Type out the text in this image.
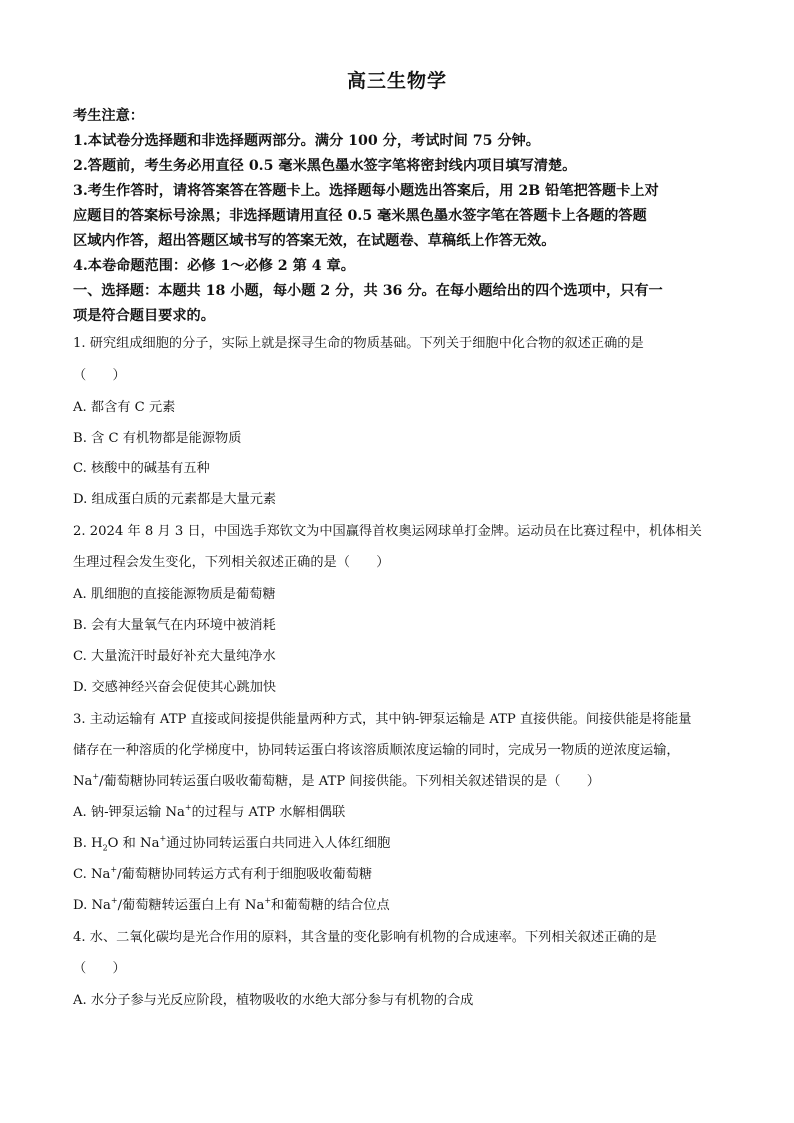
高三生物学
考生注意：
1.本试卷分选择题和非选择题两部分。满分 100 分，考试时间 75 分钟。
2.答题前，考生务必用直径 0.5 毫米黑色墨水签字笔将密封线内项目填写清楚。
3.考生作答时，请将答案答在答题卡上。选择题每小题选出答案后，用 2B 铅笔把答题卡上对
应题目的答案标号涂黑；非选择题请用直径 0.5 毫米黑色墨水签字笔在答题卡上各题的答题
区域内作答，超出答题区域书写的答案无效，在试题卷、草稿纸上作答无效。
4.本卷命题范围：必修 1～必修 2 第 4 章。
一、选择题：本题共 18 小题，每小题 2 分，共 36 分。在每小题给出的四个选项中，只有一
项是符合题目要求的。
1. 研究组成细胞的分子，实际上就是探寻生命的物质基础。下列关于细胞中化合物的叙述正确的是
（　　）
A. 都含有 C 元素
B. 含 C 有机物都是能源物质
C. 核酸中的碱基有五种
D. 组成蛋白质的元素都是大量元素
2. 2024 年 8 月 3 日，中国选手郑钦文为中国赢得首枚奥运网球单打金牌。运动员在比赛过程中，机体相关
生理过程会发生变化，下列相关叙述正确的是（　　）
A. 肌细胞的直接能源物质是葡萄糖
B. 会有大量氧气在内环境中被消耗
C. 大量流汗时最好补充大量纯净水
D. 交感神经兴奋会促使其心跳加快
3. 主动运输有 ATP 直接或间接提供能量两种方式，其中钠-钾泵运输是 ATP 直接供能。间接供能是将能量
储存在一种溶质的化学梯度中，协同转运蛋白将该溶质顺浓度运输的同时，完成另一物质的逆浓度运输，
Na+/葡萄糖协同转运蛋白吸收葡萄糖，是 ATP 间接供能。下列相关叙述错误的是（　　）
A. 钠-钾泵运输 Na+的过程与 ATP 水解相偶联
B. $H_2O$ 和 Na+通过协同转运蛋白共同进入人体红细胞
C. Na+/葡萄糖协同转运方式有利于细胞吸收葡萄糖
D. Na+/葡萄糖转运蛋白上有 Na+和葡萄糖的结合位点
4. 水、二氧化碳均是光合作用的原料，其含量的变化影响有机物的合成速率。下列相关叙述正确的是
（　　）
A. 水分子参与光反应阶段，植物吸收的水绝大部分参与有机物的合成
